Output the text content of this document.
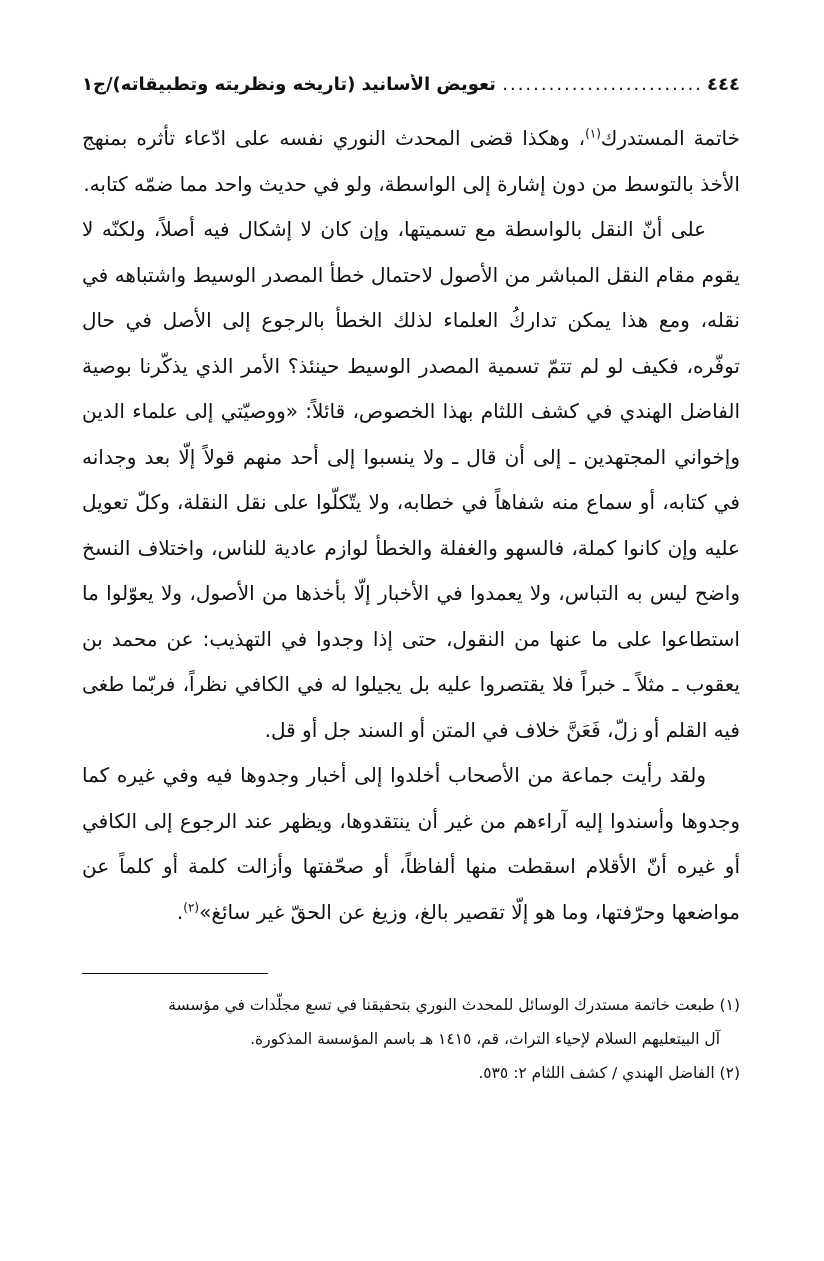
٤٤٤
..........................
تعويض الأسانيد (تاريخه ونظريته وتطبيقاته)/ج١

خاتمة المستدرك$^{(١)}$، وهكذا قضى المحدث النوري نفسه على ادّعاء تأثره بمنهج الأخذ بالتوسط من دون إشارة إلى الواسطة، ولو في حديث واحد مما ضمّه كتابه.

على أنّ النقل بالواسطة مع تسميتها، وإن كان لا إشكال فيه أصلاً، ولكنّه لا يقوم مقام النقل المباشر من الأصول لاحتمال خطأ المصدر الوسيط واشتباهه في نقله، ومع هذا يمكن تداركُ العلماء لذلك الخطأ بالرجوع إلى الأصل في حال توفّره، فكيف لو لم تتمّ تسمية المصدر الوسيط حينئذ؟ الأمر الذي يذكّرنا بوصية الفاضل الهندي في كشف اللثام بهذا الخصوص، قائلاً: «ووصيّتي إلى علماء الدين وإخواني المجتهدين ـ إلى أن قال ـ ولا ينسبوا إلى أحد منهم قولاً إلّا بعد وجدانه في كتابه، أو سماع منه شفاهاً في خطابه، ولا يتّكلّوا على نقل النقلة، وكلّ تعويل عليه وإن كانوا كملة، فالسهو والغفلة والخطأ لوازم عادية للناس، واختلاف النسخ واضح ليس به التباس، ولا يعمدوا في الأخبار إلّا بأخذها من الأصول، ولا يعوّلوا ما استطاعوا على ما عنها من النقول، حتى إذا وجدوا في التهذيب: عن محمد بن يعقوب ـ مثلاً ـ خبراً فلا يقتصروا عليه بل يجيلوا له في الكافي نظراً، فربّما طغى فيه القلم أو زلّ، فَعَنَّ خلاف في المتن أو السند جل أو قل.

ولقد رأيت جماعة من الأصحاب أخلدوا إلى أخبار وجدوها فيه وفي غيره كما وجدوها وأسندوا إليه آراءهم من غير أن ينتقدوها، ويظهر عند الرجوع إلى الكافي أو غيره أنّ الأقلام اسقطت منها ألفاظاً، أو صحّفتها وأزالت كلمة أو كلماً عن مواضعها وحرّفتها، وما هو إلّا تقصير بالغ، وزيغ عن الحقّ غير سائغ»$^{(٢)}$.

(١) طبعت خاتمة مستدرك الوسائل للمحدث النوري بتحقيقنا في تسع مجلّدات في مؤسسة

آل البيتعليهم السلام لإحياء التراث، قم، ١٤١٥ هـ باسم المؤسسة المذكورة.

(٢) الفاضل الهندي / كشف اللثام ٢: ٥٣٥.
